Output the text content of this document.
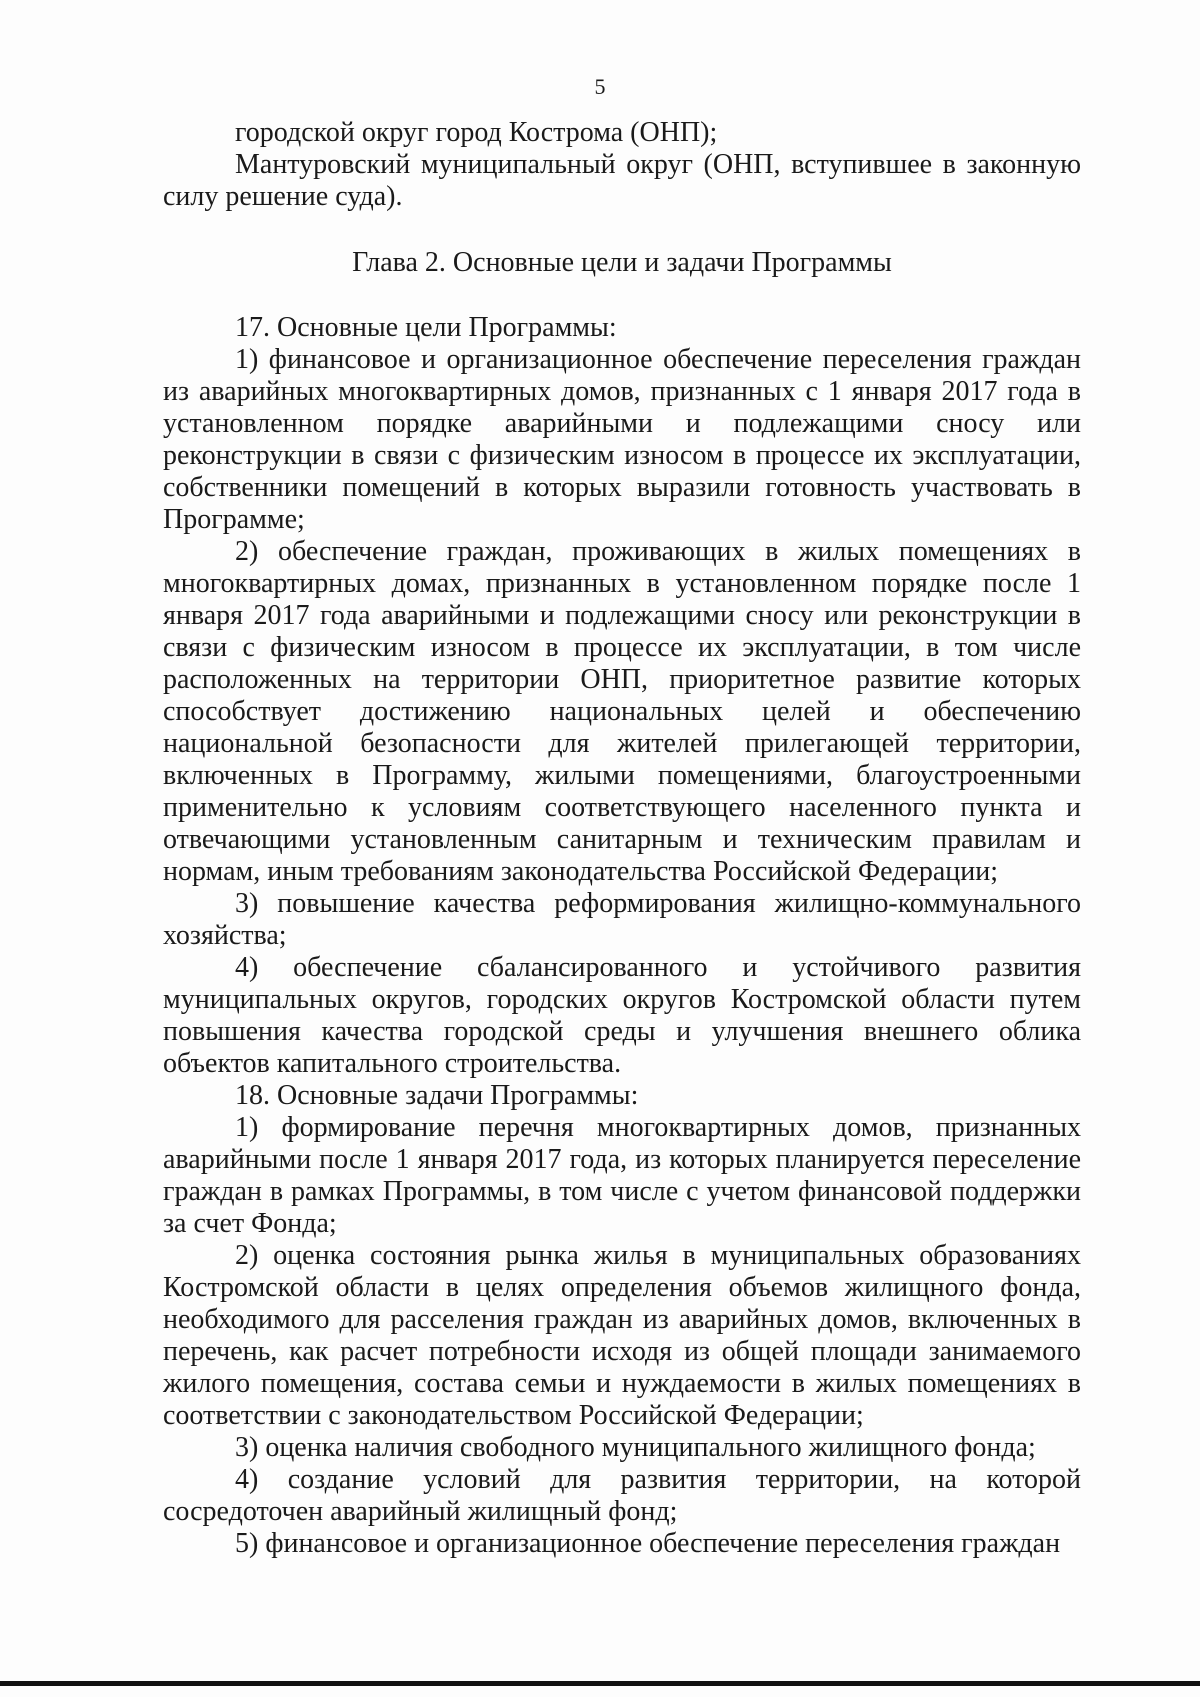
5

городской округ город Кострома (ОНП);

Мантуровский муниципальный округ (ОНП, вступившее в законную силу решение суда).

Глава 2. Основные цели и задачи Программы

17. Основные цели Программы:

1) финансовое и организационное обеспечение переселения граждан из аварийных многоквартирных домов, признанных с 1 января 2017 года в установленном порядке аварийными и подлежащими сносу или реконструкции в связи с физическим износом в процессе их эксплуатации, собственники помещений в которых выразили готовность участвовать в Программе;

2) обеспечение граждан, проживающих в жилых помещениях в многоквартирных домах, признанных в установленном порядке после 1 января 2017 года аварийными и подлежащими сносу или реконструкции в связи с физическим износом в процессе их эксплуатации, в том числе расположенных на территории ОНП, приоритетное развитие которых способствует достижению национальных целей и обеспечению национальной безопасности для жителей прилегающей территории, включенных в Программу, жилыми помещениями, благоустроенными применительно к условиям соответствующего населенного пункта и отвечающими установленным санитарным и техническим правилам и нормам, иным требованиям законодательства Российской Федерации;

3) повышение качества реформирования жилищно-коммунального хозяйства;

4) обеспечение сбалансированного и устойчивого развития муниципальных округов, городских округов Костромской области путем повышения качества городской среды и улучшения внешнего облика объектов капитального строительства.

18. Основные задачи Программы:

1) формирование перечня многоквартирных домов, признанных аварийными после 1 января 2017 года, из которых планируется переселение граждан в рамках Программы, в том числе с учетом финансовой поддержки за счет Фонда;

2) оценка состояния рынка жилья в муниципальных образованиях Костромской области в целях определения объемов жилищного фонда, необходимого для расселения граждан из аварийных домов, включенных в перечень, как расчет потребности исходя из общей площади занимаемого жилого помещения, состава семьи и нуждаемости в жилых помещениях в соответствии с законодательством Российской Федерации;

3) оценка наличия свободного муниципального жилищного фонда;

4) создание условий для развития территории, на которой сосредоточен аварийный жилищный фонд;

5) финансовое и организационное обеспечение переселения граждан
